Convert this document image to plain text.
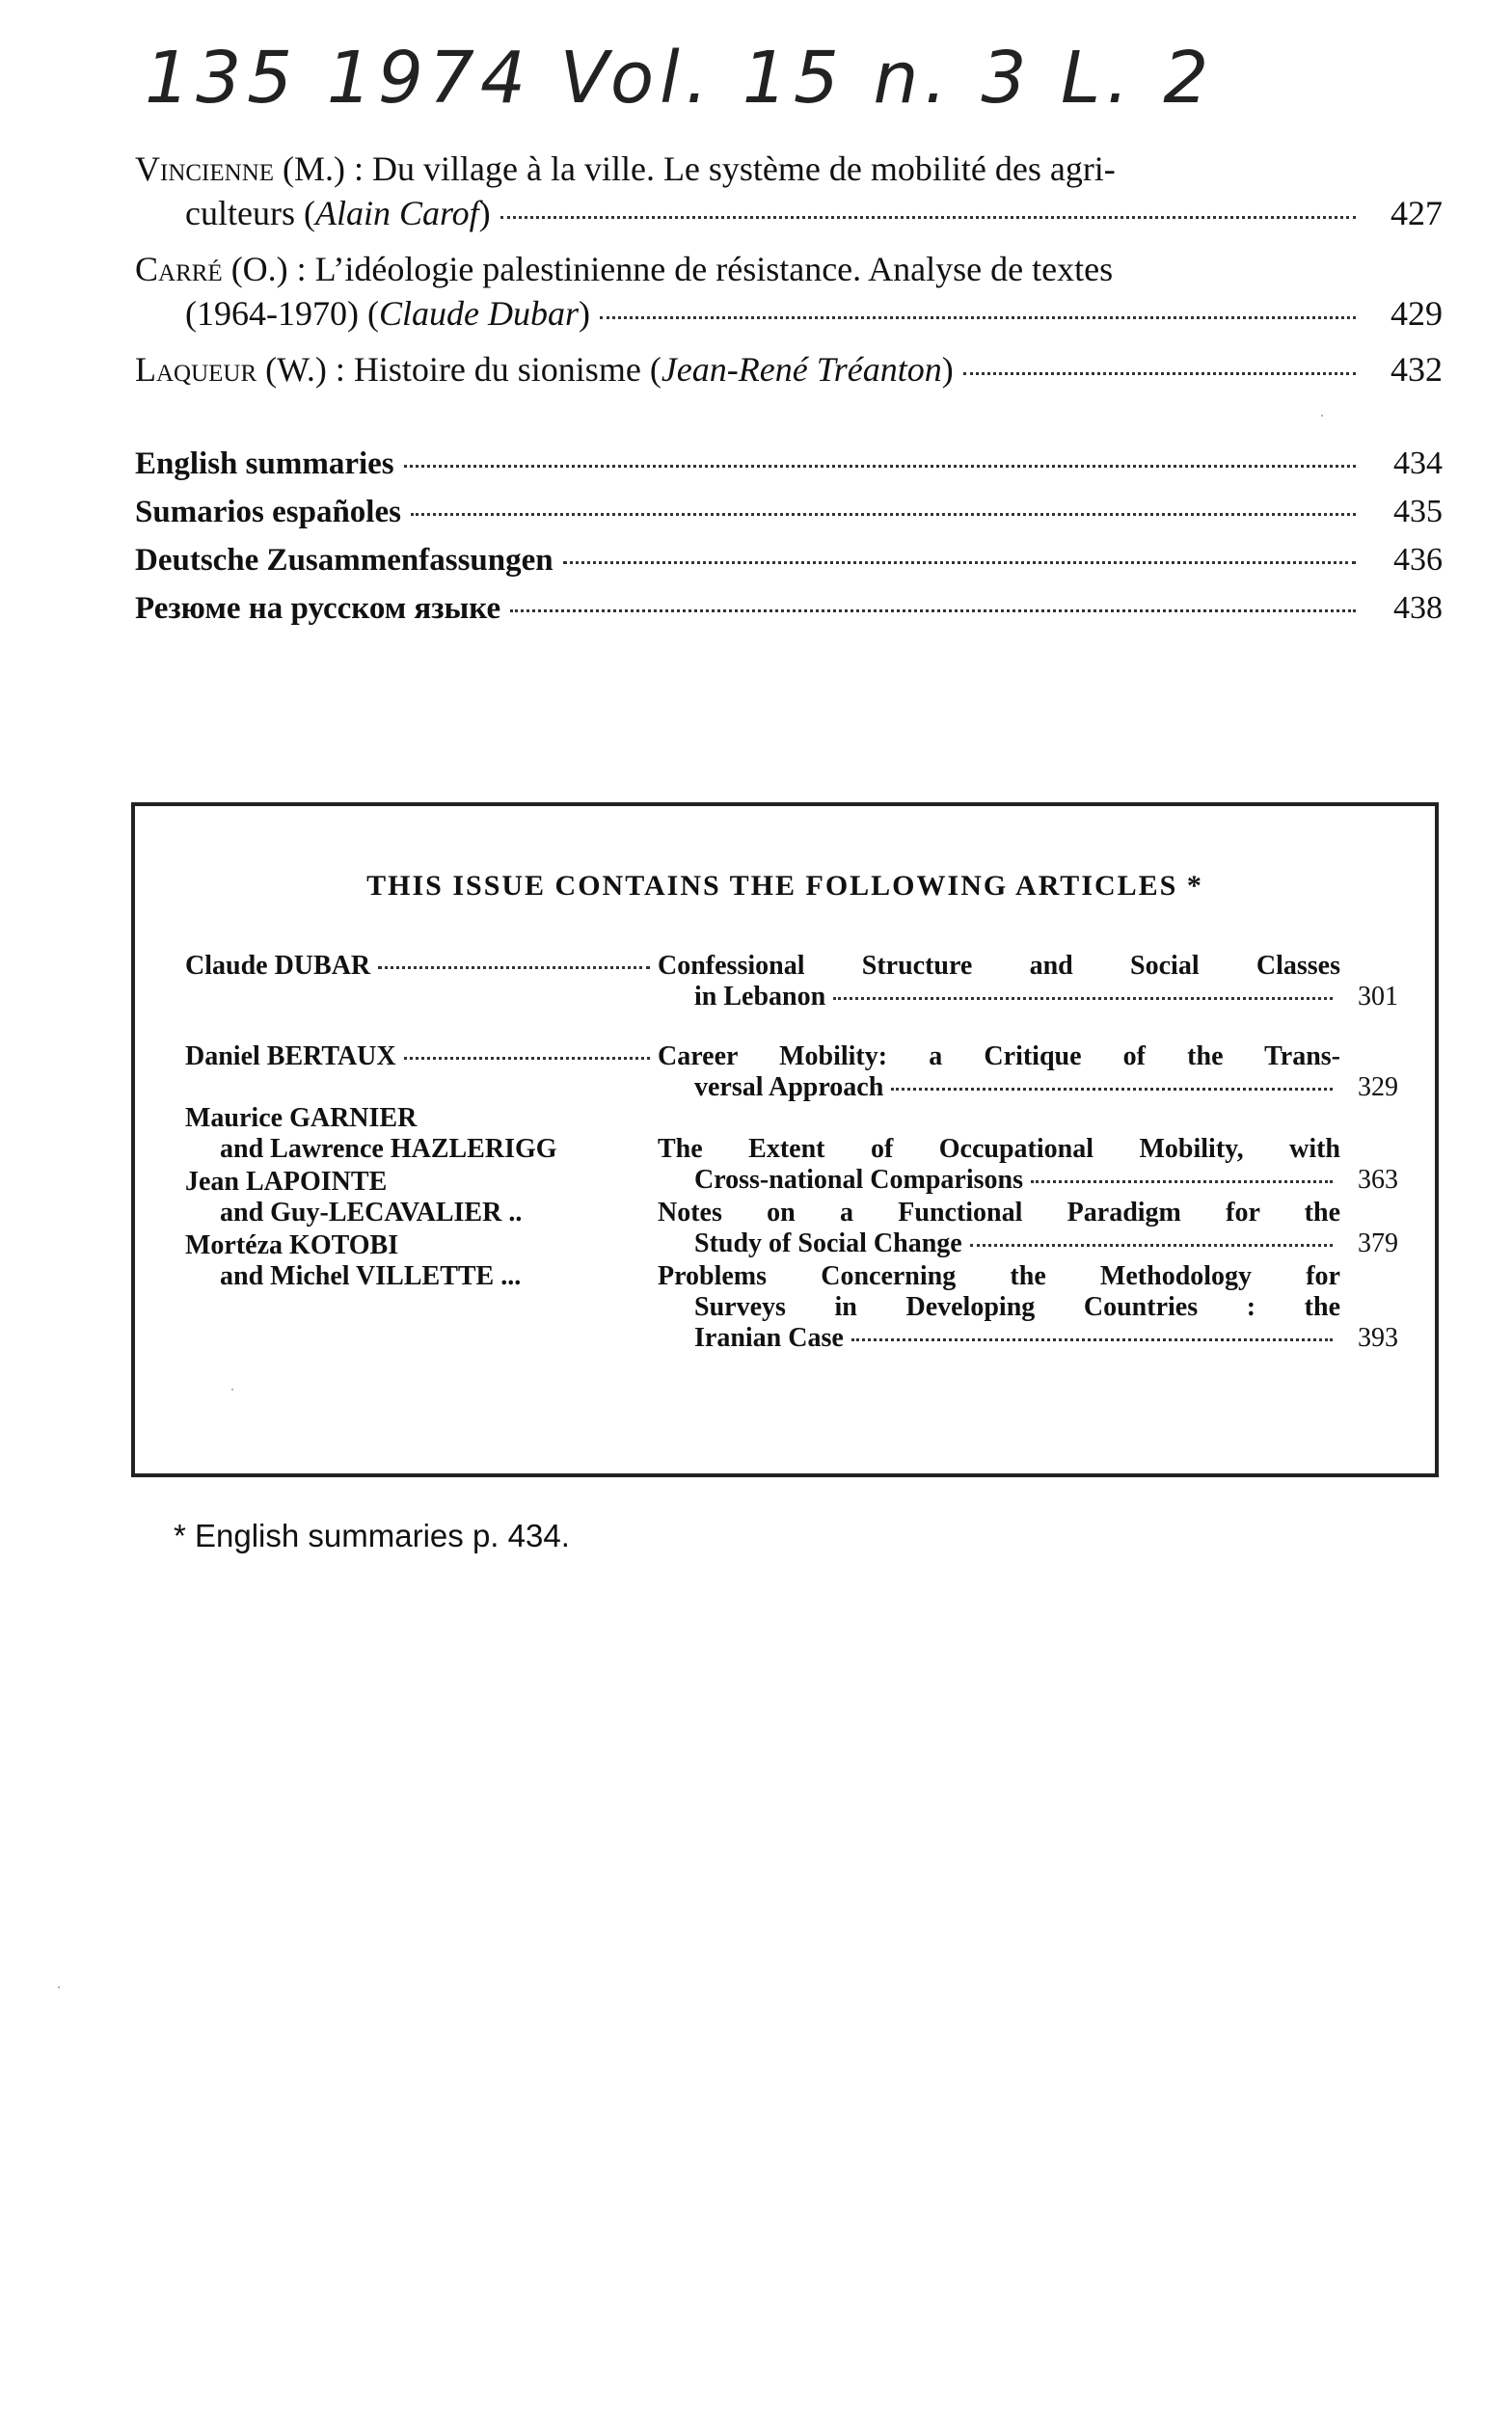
135 1974 Vol. 15 n. 3 L. 2
Vincienne (M.) : Du village à la ville. Le système de mobilité des agri-
culteurs (Alain Carof)	427
Carré (O.) : L’idéologie palestinienne de résistance. Analyse de textes
(1964-1970) (Claude Dubar)	429
Laqueur (W.) : Histoire du sionisme (Jean-René Tréanton)	432
English summaries	434
Sumarios españoles	435
Deutsche Zusammenfassungen	436
Резюме на русском языке	438
THIS ISSUE CONTAINS THE FOLLOWING ARTICLES *
Claude DUBAR	Confessional Structure and Social Classes
in Lebanon	301
Daniel BERTAUX	Career Mobility: a Critique of the Trans-
versal Approach	329
Maurice GARNIER
and Lawrence HAZLERIGG	The Extent of Occupational Mobility, with
Cross-national Comparisons	363
Jean LAPOINTE
and Guy-LECAVALIER ..	Notes on a Functional Paradigm for the
Study of Social Change	379
Mortéza KOTOBI
and Michel VILLETTE ...	Problems Concerning the Methodology for
Surveys in Developing Countries : the
Iranian Case	393
* English summaries p. 434.
